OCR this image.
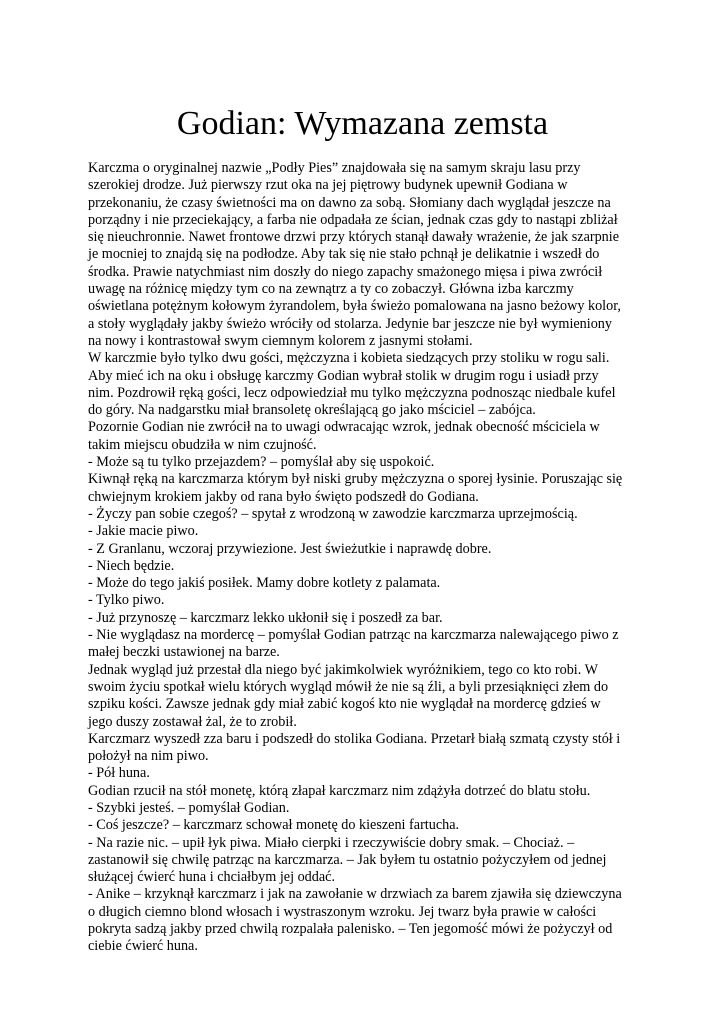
Godian: Wymazana zemsta

Karczma o oryginalnej nazwie „Podły Pies” znajdowała się na samym skraju lasu przy

szerokiej drodze. Już pierwszy rzut oka na jej piętrowy budynek upewnił Godiana w

przekonaniu, że czasy świetności ma on dawno za sobą. Słomiany dach wyglądał jeszcze na

porządny i nie przeciekający, a farba nie odpadała ze ścian, jednak czas gdy to nastąpi zbliżał

się nieuchronnie. Nawet frontowe drzwi przy których stanął dawały wrażenie, że jak szarpnie

je mocniej to znajdą się na podłodze. Aby tak się nie stało pchnął je delikatnie i wszedł do

środka. Prawie natychmiast nim doszły do niego zapachy smażonego mięsa i piwa zwrócił

uwagę na różnicę między tym co na zewnątrz a ty co zobaczył. Główna izba karczmy

oświetlana potężnym kołowym żyrandolem, była świeżo pomalowana na jasno beżowy kolor,

a stoły wyglądały jakby świeżo wróciły od stolarza. Jedynie bar jeszcze nie był wymieniony

na nowy i kontrastował swym ciemnym kolorem z jasnymi stołami.

W karczmie było tylko dwu gości, mężczyzna i kobieta siedzących przy stoliku w rogu sali.

Aby mieć ich na oku i obsługę karczmy Godian wybrał stolik w drugim rogu i usiadł przy

nim. Pozdrowił ręką gości, lecz odpowiedział mu tylko mężczyzna podnosząc niedbale kufel

do góry. Na nadgarstku miał bransoletę określającą go jako mściciel – zabójca.

Pozornie Godian nie zwrócił na to uwagi odwracając wzrok, jednak obecność mściciela w

takim miejscu obudziła w nim czujność.

- Może są tu tylko przejazdem? – pomyślał aby się uspokoić.

Kiwnął ręką na karczmarza którym był niski gruby mężczyzna o sporej łysinie. Poruszając się

chwiejnym krokiem jakby od rana było święto podszedł do Godiana.

- Życzy pan sobie czegoś? – spytał z wrodzoną w zawodzie karczmarza uprzejmością.

- Jakie macie piwo.

- Z Granlanu, wczoraj przywiezione. Jest świeżutkie i naprawdę dobre.

- Niech będzie.

- Może do tego jakiś posiłek. Mamy dobre kotlety z palamata.

- Tylko piwo.

- Już przynoszę – karczmarz lekko ukłonił się i poszedł za bar.

- Nie wyglądasz na mordercę – pomyślał Godian patrząc na karczmarza nalewającego piwo z

małej beczki ustawionej na barze.

Jednak wygląd już przestał dla niego być jakimkolwiek wyróżnikiem, tego co kto robi. W

swoim życiu spotkał wielu których wygląd mówił że nie są źli, a byli przesiąknięci złem do

szpiku kości. Zawsze jednak gdy miał zabić kogoś kto nie wyglądał na mordercę gdzieś w

jego duszy zostawał żal, że to zrobił.

Karczmarz wyszedł zza baru i podszedł do stolika Godiana. Przetarł białą szmatą czysty stół i

położył na nim piwo.

- Pół huna.

Godian rzucił na stół monetę, którą złapał karczmarz nim zdążyła dotrzeć do blatu stołu.

- Szybki jesteś. – pomyślał Godian.

- Coś jeszcze? – karczmarz schował monetę do kieszeni fartucha.

- Na razie nic. – upił łyk piwa. Miało cierpki i rzeczywiście dobry smak. – Chociaż. –

zastanowił się chwilę patrząc na karczmarza. – Jak byłem tu ostatnio pożyczyłem od jednej

służącej ćwierć huna i chciałbym jej oddać.

- Anike – krzyknął karczmarz i jak na zawołanie w drzwiach za barem zjawiła się dziewczyna

o długich ciemno blond włosach i wystraszonym wzroku. Jej twarz była prawie w całości

pokryta sadzą jakby przed chwilą rozpalała palenisko. – Ten jegomość mówi że pożyczył od

ciebie ćwierć huna.
